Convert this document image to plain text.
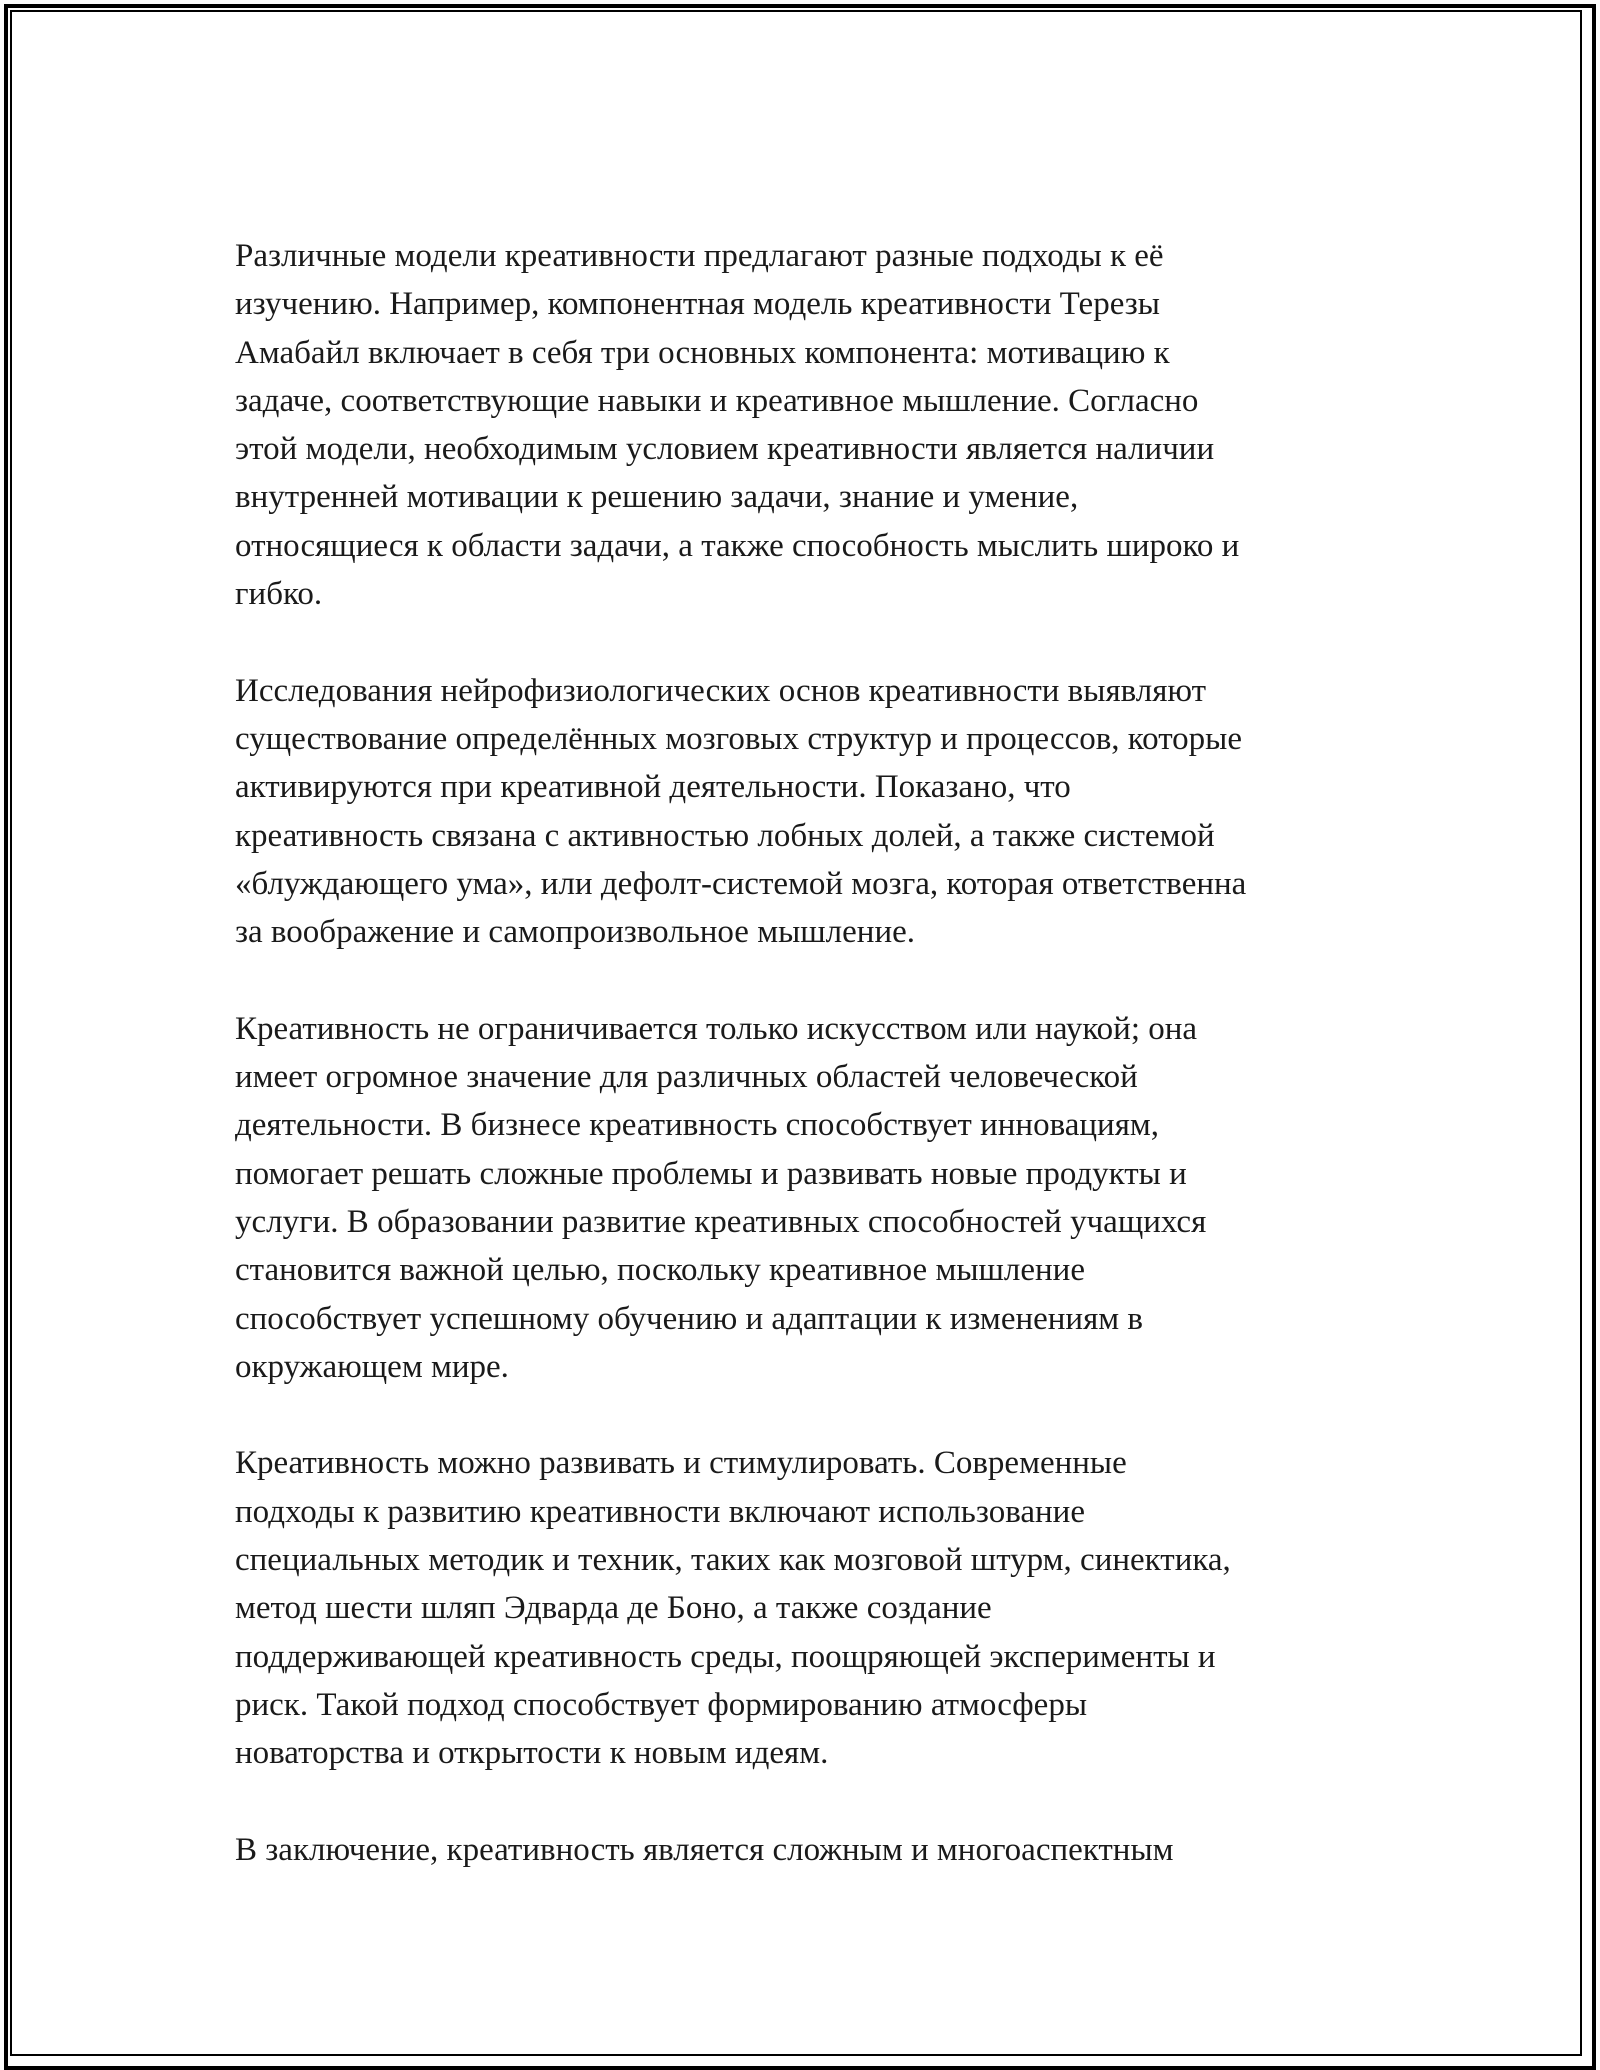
Различные модели креативности предлагают разные подходы к её
изучению. Например, компонентная модель креативности Терезы
Амабайл включает в себя три основных компонента: мотивацию к
задаче, соответствующие навыки и креативное мышление. Согласно
этой модели, необходимым условием креативности является наличии
внутренней мотивации к решению задачи, знание и умение,
относящиеся к области задачи, а также способность мыслить широко и
гибко.
Исследования нейрофизиологических основ креативности выявляют
существование определённых мозговых структур и процессов, которые
активируются при креативной деятельности. Показано, что
креативность связана с активностью лобных долей, а также системой
«блуждающего ума», или дефолт-системой мозга, которая ответственна
за воображение и самопроизвольное мышление.
Креативность не ограничивается только искусством или наукой; она
имеет огромное значение для различных областей человеческой
деятельности. В бизнесе креативность способствует инновациям,
помогает решать сложные проблемы и развивать новые продукты и
услуги. В образовании развитие креативных способностей учащихся
становится важной целью, поскольку креативное мышление
способствует успешному обучению и адаптации к изменениям в
окружающем мире.
Креативность можно развивать и стимулировать. Современные
подходы к развитию креативности включают использование
специальных методик и техник, таких как мозговой штурм, синектика,
метод шести шляп Эдварда де Боно, а также создание
поддерживающей креативность среды, поощряющей эксперименты и
риск. Такой подход способствует формированию атмосферы
новаторства и открытости к новым идеям.
В заключение, креативность является сложным и многоаспектным
